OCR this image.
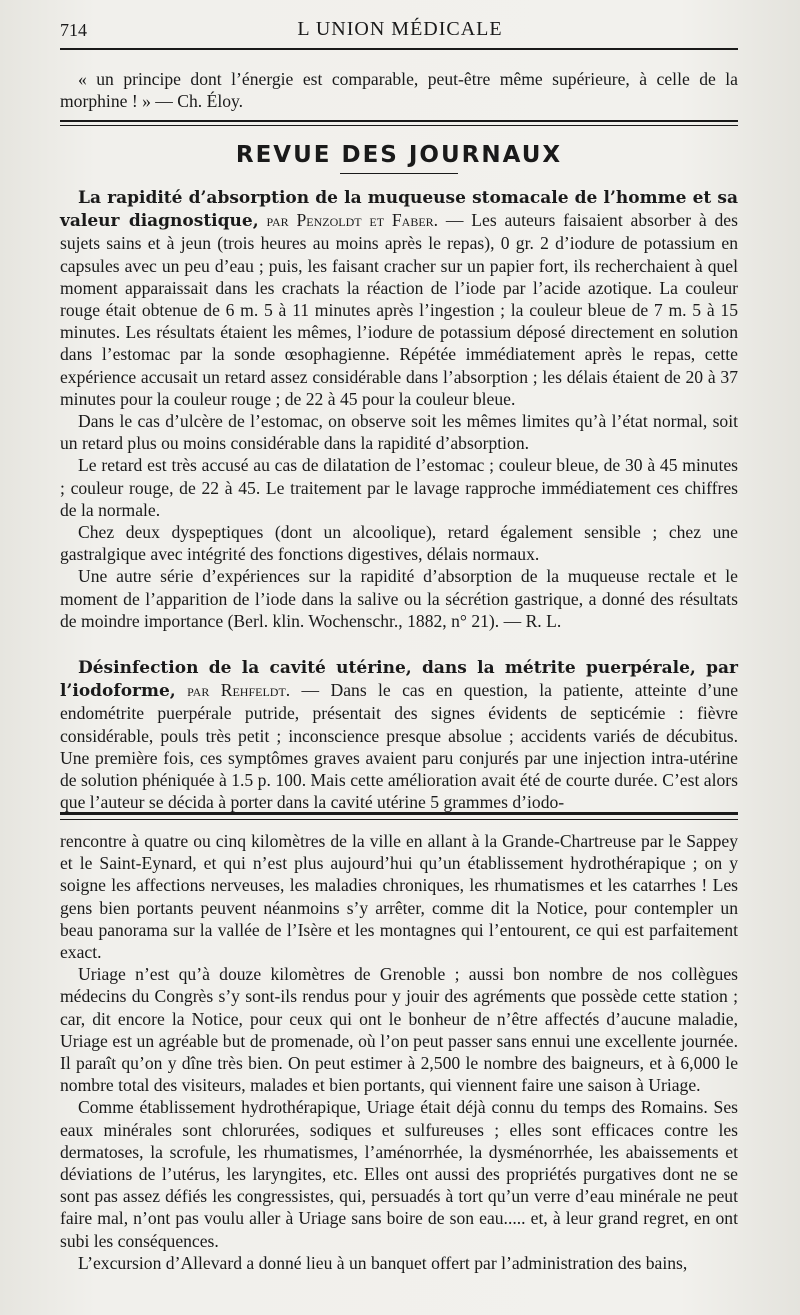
714	L UNION MÉDICALE

« un principe dont l’énergie est comparable, peut-être même supérieure, à celle de la morphine ! » — Ch. Éloy.

REVUE DES JOURNAUX

La rapidité d’absorption de la muqueuse stomacale de l’homme et sa valeur diagnostique, par Penzoldt et Faber. — Les auteurs faisaient absorber à des sujets sains et à jeun (trois heures au moins après le repas), 0 gr. 2 d’iodure de potassium en capsules avec un peu d’eau ; puis, les faisant cracher sur un papier fort, ils recherchaient à quel moment apparaissait dans les crachats la réaction de l’iode par l’acide azotique. La couleur rouge était obtenue de 6 m. 5 à 11 minutes après l’ingestion ; la couleur bleue de 7 m. 5 à 15 minutes. Les résultats étaient les mêmes, l’iodure de potassium déposé directement en solution dans l’estomac par la sonde œsophagienne. Répétée immédiatement après le repas, cette expérience accusait un retard assez considérable dans l’absorption ; les délais étaient de 20 à 37 minutes pour la couleur rouge ; de 22 à 45 pour la couleur bleue.

Dans le cas d’ulcère de l’estomac, on observe soit les mêmes limites qu’à l’état normal, soit un retard plus ou moins considérable dans la rapidité d’absorption.

Le retard est très accusé au cas de dilatation de l’estomac ; couleur bleue, de 30 à 45 minutes ; couleur rouge, de 22 à 45. Le traitement par le lavage rapproche immédiatement ces chiffres de la normale.

Chez deux dyspeptiques (dont un alcoolique), retard également sensible ; chez une gastralgique avec intégrité des fonctions digestives, délais normaux.

Une autre série d’expériences sur la rapidité d’absorption de la muqueuse rectale et le moment de l’apparition de l’iode dans la salive ou la sécrétion gastrique, a donné des résultats de moindre importance (Berl. klin. Wochenschr., 1882, n° 21). — R. L.

Désinfection de la cavité utérine, dans la métrite puerpérale, par l’iodoforme, par Rehfeldt. — Dans le cas en question, la patiente, atteinte d’une endométrite puerpérale putride, présentait des signes évidents de septicémie : fièvre considérable, pouls très petit ; inconscience presque absolue ; accidents variés de décubitus. Une première fois, ces symptômes graves avaient paru conjurés par une injection intra-utérine de solution phéniquée à 1.5 p. 100. Mais cette amélioration avait été de courte durée. C’est alors que l’auteur se décida à porter dans la cavité utérine 5 grammes d’iodo-

rencontre à quatre ou cinq kilomètres de la ville en allant à la Grande-Chartreuse par le Sappey et le Saint-Eynard, et qui n’est plus aujourd’hui qu’un établissement hydrothérapique ; on y soigne les affections nerveuses, les maladies chroniques, les rhumatismes et les catarrhes ! Les gens bien portants peuvent néanmoins s’y arrêter, comme dit la Notice, pour contempler un beau panorama sur la vallée de l’Isère et les montagnes qui l’entourent, ce qui est parfaitement exact.

Uriage n’est qu’à douze kilomètres de Grenoble ; aussi bon nombre de nos collègues médecins du Congrès s’y sont-ils rendus pour y jouir des agréments que possède cette station ; car, dit encore la Notice, pour ceux qui ont le bonheur de n’être affectés d’aucune maladie, Uriage est un agréable but de promenade, où l’on peut passer sans ennui une excellente journée. Il paraît qu’on y dîne très bien. On peut estimer à 2,500 le nombre des baigneurs, et à 6,000 le nombre total des visiteurs, malades et bien portants, qui viennent faire une saison à Uriage.

Comme établissement hydrothérapique, Uriage était déjà connu du temps des Romains. Ses eaux minérales sont chlorurées, sodiques et sulfureuses ; elles sont efficaces contre les dermatoses, la scrofule, les rhumatismes, l’aménorrhée, la dysménorrhée, les abaissements et déviations de l’utérus, les laryngites, etc. Elles ont aussi des propriétés purgatives dont ne se sont pas assez défiés les congressistes, qui, persuadés à tort qu’un verre d’eau minérale ne peut faire mal, n’ont pas voulu aller à Uriage sans boire de son eau..... et, à leur grand regret, en ont subi les conséquences.

L’excursion d’Allevard a donné lieu à un banquet offert par l’administration des bains,
